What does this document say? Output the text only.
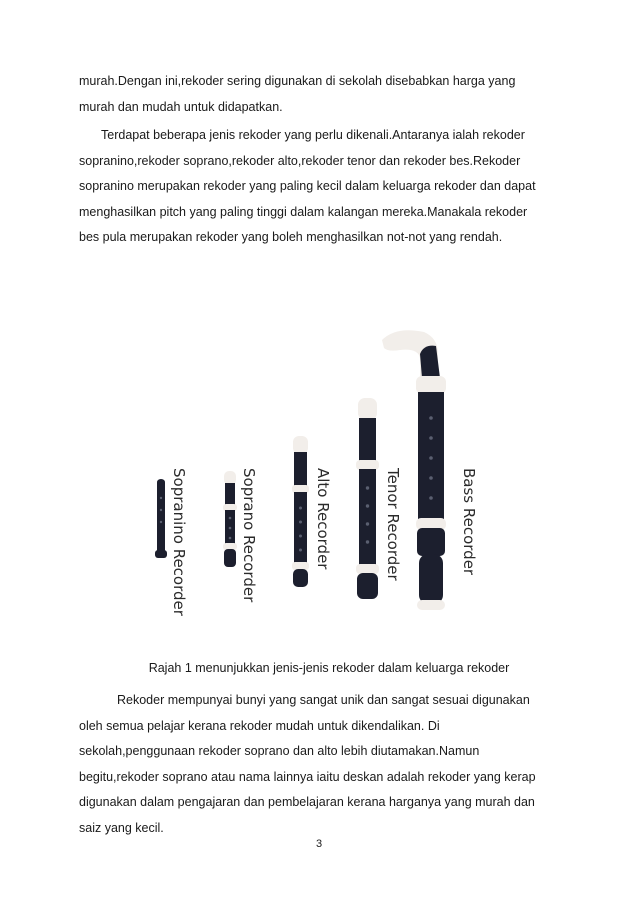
murah.Dengan ini,rekoder sering digunakan di sekolah disebabkan harga yang
murah dan mudah untuk didapatkan.

Terdapat beberapa jenis rekoder yang perlu dikenali.Antaranya ialah rekoder
sopranino,rekoder soprano,rekoder alto,rekoder tenor dan rekoder bes.Rekoder
sopranino merupakan rekoder yang paling kecil dalam keluarga rekoder dan dapat
menghasilkan pitch yang paling tinggi dalam kalangan mereka.Manakala rekoder
bes pula merupakan rekoder yang boleh menghasilkan not-not yang rendah.

Sopranino Recorder	Soprano Recorder	Alto Recorder	Tenor Recorder	Bass Recorder

Rajah 1 menunjukkan jenis-jenis rekoder dalam keluarga rekoder

Rekoder mempunyai bunyi yang sangat unik dan sangat sesuai digunakan
oleh semua pelajar kerana rekoder mudah untuk dikendalikan. Di
sekolah,penggunaan rekoder soprano dan alto lebih diutamakan.Namun
begitu,rekoder soprano atau nama lainnya iaitu deskan adalah rekoder yang kerap
digunakan dalam pengajaran dan pembelajaran kerana harganya yang murah dan
saiz yang kecil.

3
